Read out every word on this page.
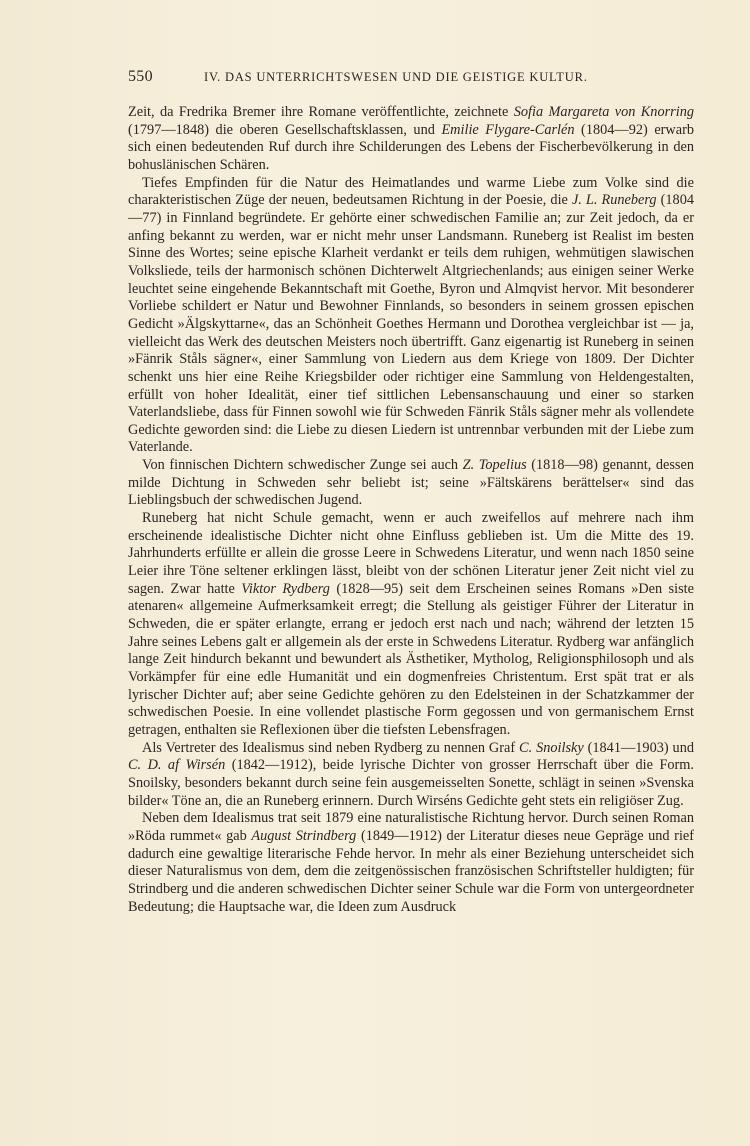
550	IV. DAS UNTERRICHTSWESEN UND DIE GEISTIGE KULTUR.

Zeit, da Fredrika Bremer ihre Romane veröffentlichte, zeichnete Sofia Margareta von Knorring (1797—1848) die oberen Gesellschaftsklassen, und Emilie Flygare-Carlén (1804—92) erwarb sich einen bedeutenden Ruf durch ihre Schilderungen des Lebens der Fischerbevölkerung in den bohuslänischen Schären.

Tiefes Empfinden für die Natur des Heimatlandes und warme Liebe zum Volke sind die charakteristischen Züge der neuen, bedeutsamen Richtung in der Poesie, die J. L. Runeberg (1804—77) in Finnland begründete. Er gehörte einer schwedischen Familie an; zur Zeit jedoch, da er anfing bekannt zu werden, war er nicht mehr unser Landsmann. Runeberg ist Realist im besten Sinne des Wortes; seine epische Klarheit verdankt er teils dem ruhigen, wehmütigen slawischen Volksliede, teils der harmonisch schönen Dichterwelt Altgriechenlands; aus einigen seiner Werke leuchtet seine eingehende Bekanntschaft mit Goethe, Byron und Almqvist hervor. Mit besonderer Vorliebe schildert er Natur und Bewohner Finnlands, so besonders in seinem grossen epischen Gedicht »Älgskyttarne«, das an Schönheit Goethes Hermann und Dorothea vergleichbar ist — ja, vielleicht das Werk des deutschen Meisters noch übertrifft. Ganz eigenartig ist Runeberg in seinen »Fänrik Ståls sägner«, einer Sammlung von Liedern aus dem Kriege von 1809. Der Dichter schenkt uns hier eine Reihe Kriegsbilder oder richtiger eine Sammlung von Heldengestalten, erfüllt von hoher Idealität, einer tief sittlichen Lebensanschauung und einer so starken Vaterlandsliebe, dass für Finnen sowohl wie für Schweden Fänrik Ståls sägner mehr als vollendete Gedichte geworden sind: die Liebe zu diesen Liedern ist untrennbar verbunden mit der Liebe zum Vaterlande.

Von finnischen Dichtern schwedischer Zunge sei auch Z. Topelius (1818—98) genannt, dessen milde Dichtung in Schweden sehr beliebt ist; seine »Fältskärens berättelser« sind das Lieblingsbuch der schwedischen Jugend.

Runeberg hat nicht Schule gemacht, wenn er auch zweifellos auf mehrere nach ihm erscheinende idealistische Dichter nicht ohne Einfluss geblieben ist. Um die Mitte des 19. Jahrhunderts erfüllte er allein die grosse Leere in Schwedens Literatur, und wenn nach 1850 seine Leier ihre Töne seltener erklingen lässt, bleibt von der schönen Literatur jener Zeit nicht viel zu sagen. Zwar hatte Viktor Rydberg (1828—95) seit dem Erscheinen seines Romans »Den siste atenaren« allgemeine Aufmerksamkeit erregt; die Stellung als geistiger Führer der Literatur in Schweden, die er später erlangte, errang er jedoch erst nach und nach; während der letzten 15 Jahre seines Lebens galt er allgemein als der erste in Schwedens Literatur. Rydberg war anfänglich lange Zeit hindurch bekannt und bewundert als Ästhetiker, Mytholog, Religionsphilosoph und als Vorkämpfer für eine edle Humanität und ein dogmenfreies Christentum. Erst spät trat er als lyrischer Dichter auf; aber seine Gedichte gehören zu den Edelsteinen in der Schatzkammer der schwedischen Poesie. In eine vollendet plastische Form gegossen und von germanischem Ernst getragen, enthalten sie Reflexionen über die tiefsten Lebensfragen.

Als Vertreter des Idealismus sind neben Rydberg zu nennen Graf C. Snoilsky (1841—1903) und C. D. af Wirsén (1842—1912), beide lyrische Dichter von grosser Herrschaft über die Form. Snoilsky, besonders bekannt durch seine fein ausgemeisselten Sonette, schlägt in seinen »Svenska bilder« Töne an, die an Runeberg erinnern. Durch Wirséns Gedichte geht stets ein religiöser Zug.

Neben dem Idealismus trat seit 1879 eine naturalistische Richtung hervor. Durch seinen Roman »Röda rummet« gab August Strindberg (1849—1912) der Literatur dieses neue Gepräge und rief dadurch eine gewaltige literarische Fehde hervor. In mehr als einer Beziehung unterscheidet sich dieser Naturalismus von dem, dem die zeitgenössischen französischen Schriftsteller huldigten; für Strindberg und die anderen schwedischen Dichter seiner Schule war die Form von untergeordneter Bedeutung; die Hauptsache war, die Ideen zum Ausdruck
